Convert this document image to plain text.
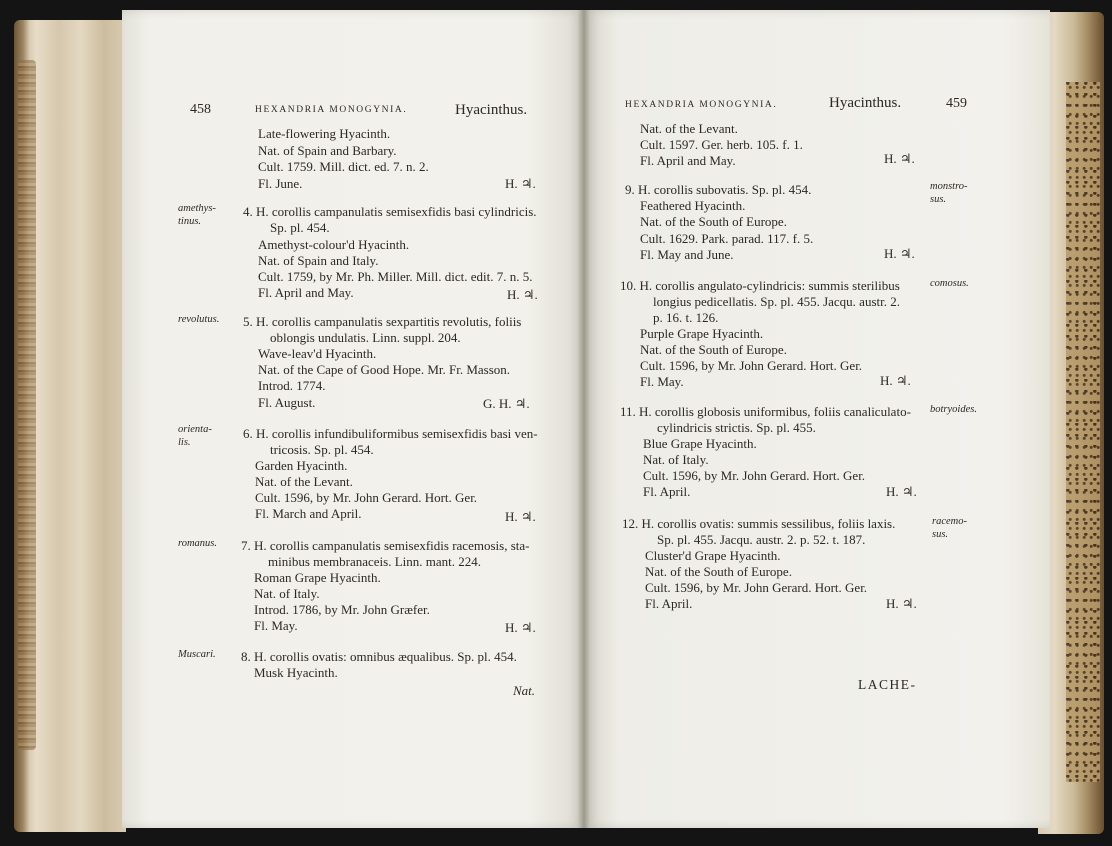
458	HEXANDRIA MONOGYNIA.	Hyacinthus.
Late-flowering Hyacinth.
Nat. of Spain and Barbary.
Cult. 1759. Mill. dict. ed. 7. n. 2.
Fl. June.	H. ♃.
amethys-
tinus.
4. H. corollis campanulatis semisexfidis basi cylindricis.
Sp. pl. 454.
Amethyst-colour'd Hyacinth.
Nat. of Spain and Italy.
Cult. 1759, by Mr. Ph. Miller. Mill. dict. edit. 7. n. 5.
Fl. April and May.	H. ♃.
revolutus. 5. H. corollis campanulatis sexpartitis revolutis, foliis
oblongis undulatis. Linn. suppl. 204.
Wave-leav'd Hyacinth.
Nat. of the Cape of Good Hope. Mr. Fr. Masson.
Introd. 1774.
Fl. August.	G. H. ♃.
orienta-
lis.
6. H. corollis infundibuliformibus semisexfidis basi ven-
tricosis. Sp. pl. 454.
Garden Hyacinth.
Nat. of the Levant.
Cult. 1596, by Mr. John Gerard. Hort. Ger.
Fl. March and April.	H. ♃.
romanus. 7. H. corollis campanulatis semisexfidis racemosis, sta-
minibus membranaceis. Linn. mant. 224.
Roman Grape Hyacinth.
Nat. of Italy.
Introd. 1786, by Mr. John Græfer.
Fl. May.	H. ♃.
Muscari. 8. H. corollis ovatis: omnibus æqualibus. Sp. pl. 454.
Musk Hyacinth.
Nat.
HEXANDRIA MONOGYNIA.	Hyacinthus.	459
Nat. of the Levant.
Cult. 1597. Ger. herb. 105. f. 1.
Fl. April and May.	H. ♃.
monstro-
sus.
9. H. corollis subovatis. Sp. pl. 454.
Feathered Hyacinth.
Nat. of the South of Europe.
Cult. 1629. Park. parad. 117. f. 5.
Fl. May and June.	H. ♃.
comosus.
10. H. corollis angulato-cylindricis: summis sterilibus
longius pedicellatis. Sp. pl. 455. Jacqu. austr. 2.
p. 16. t. 126.
Purple Grape Hyacinth.
Nat. of the South of Europe.
Cult. 1596, by Mr. John Gerard. Hort. Ger.
Fl. May.	H. ♃.
botryoides.
11. H. corollis globosis uniformibus, foliis canaliculato-
cylindricis strictis. Sp. pl. 455.
Blue Grape Hyacinth.
Nat. of Italy.
Cult. 1596, by Mr. John Gerard. Hort. Ger.
Fl. April.	H. ♃.
racemo-
sus.
12. H. corollis ovatis: summis sessilibus, foliis laxis.
Sp. pl. 455. Jacqu. austr. 2. p. 52. t. 187.
Cluster'd Grape Hyacinth.
Nat. of the South of Europe.
Cult. 1596, by Mr. John Gerard. Hort. Ger.
Fl. April.	H. ♃.
LACHE-
